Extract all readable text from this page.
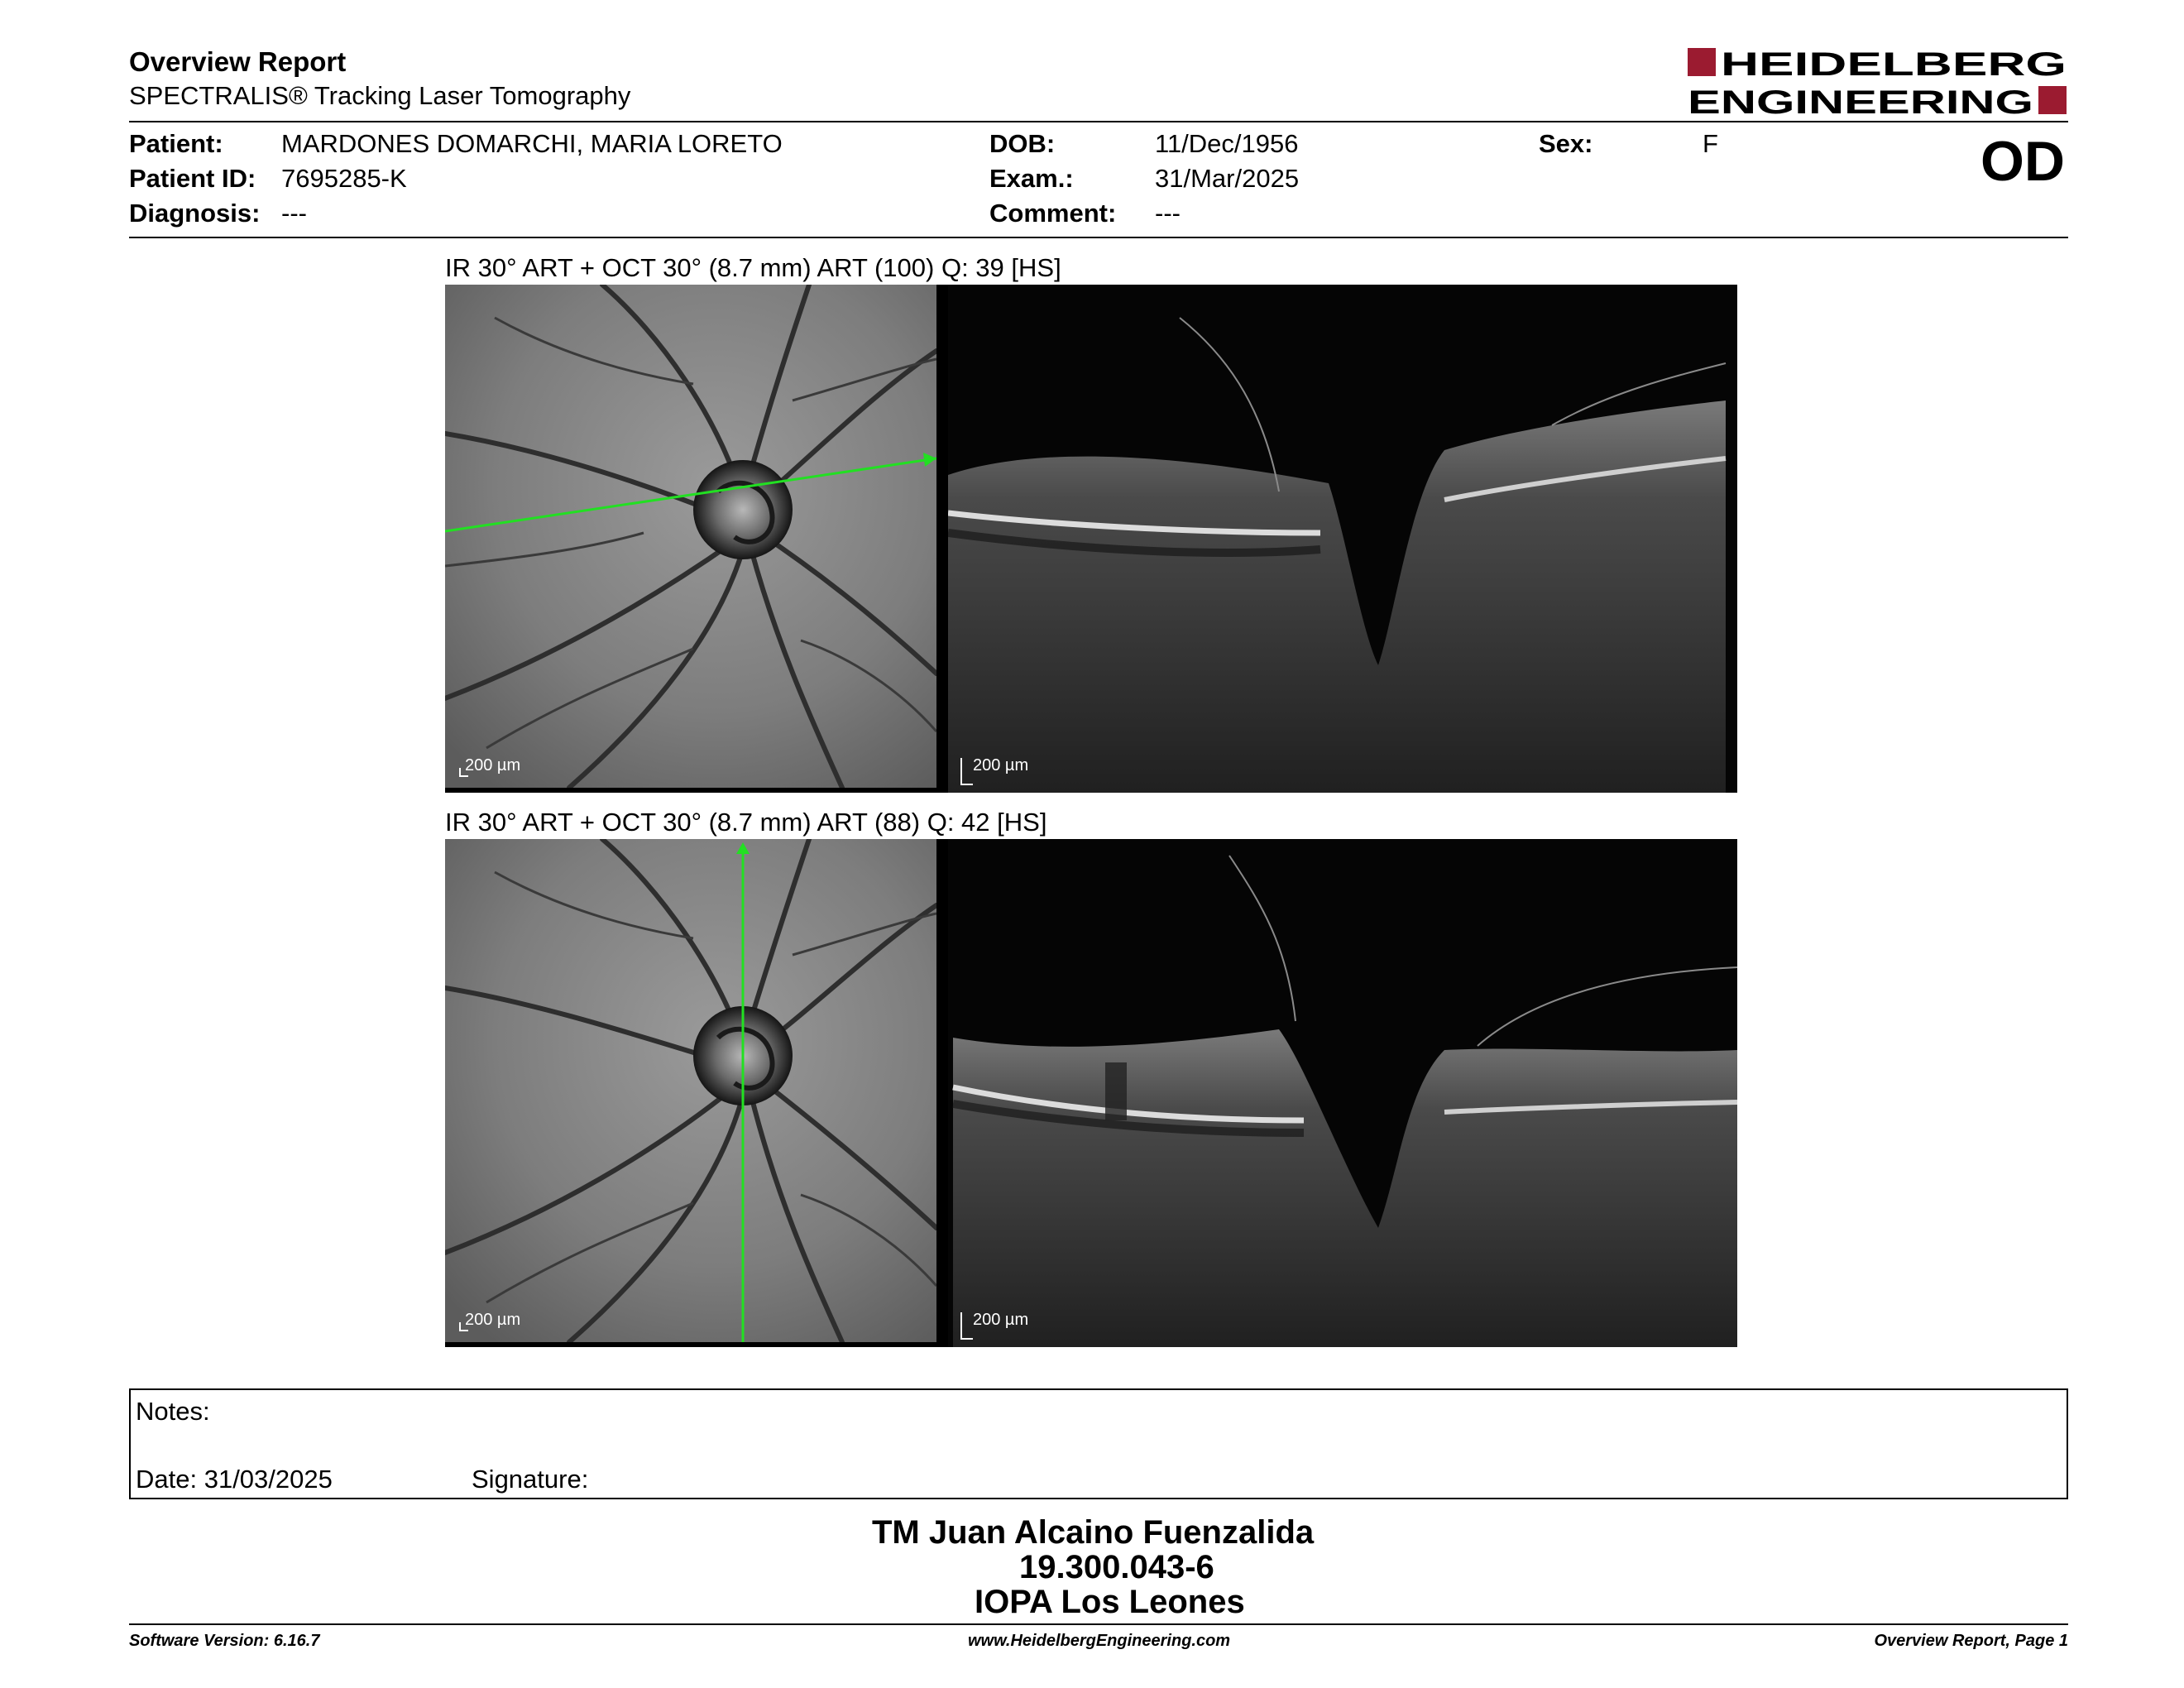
Overview Report
SPECTRALIS® Tracking Laser Tomography
HEIDELBERG
ENGINEERING
Patient: MARDONES DOMARCHI, MARIA LORETO
Patient ID: 7695285-K
Diagnosis: ---
DOB:	11/Dec/1956
Exam.:	31/Mar/2025
Comment: ---
Sex:	F	OD
IR 30° ART + OCT 30° (8.7 mm) ART (100) Q: 39 [HS]
200 µm	200 µm
IR 30° ART + OCT 30° (8.7 mm) ART (88) Q: 42 [HS]
200 µm	200 µm
Notes:
Date: 31/03/2025	Signature:
TM Juan Alcaino Fuenzalida
19.300.043-6
IOPA Los Leones
Software Version: 6.16.7	www.HeidelbergEngineering.com	Overview Report, Page 1
